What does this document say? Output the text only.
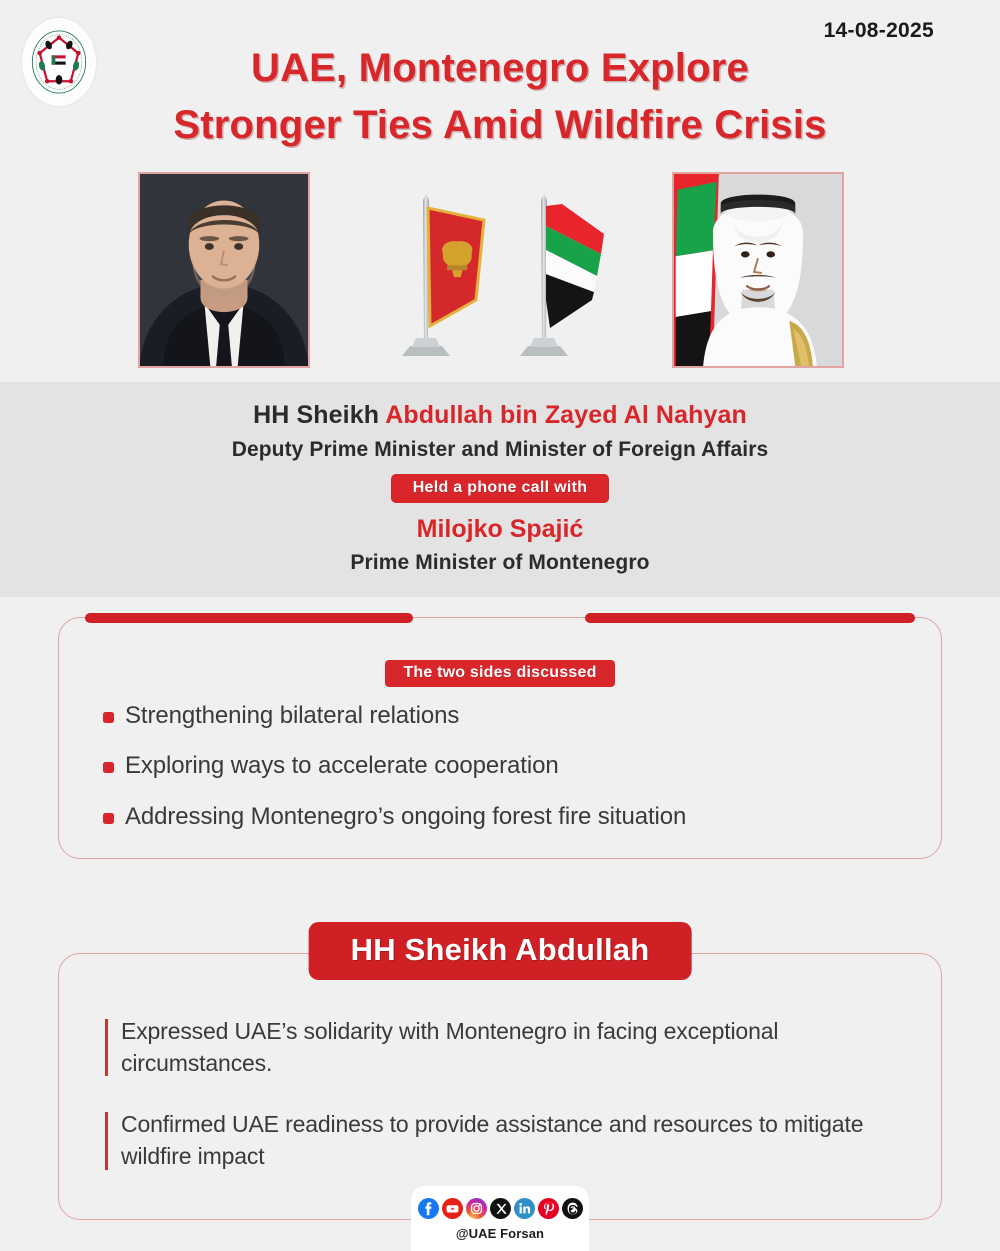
14-08-2025
UAE, Montenegro Explore
Stronger Ties Amid Wildfire Crisis
HH Sheikh Abdullah bin Zayed Al Nahyan
Deputy Prime Minister and Minister of Foreign Affairs
Held a phone call with
Milojko Spajić
Prime Minister of Montenegro
The two sides discussed
Strengthening bilateral relations
Exploring ways to accelerate cooperation
Addressing Montenegro’s ongoing forest fire situation
HH Sheikh Abdullah
Expressed UAE’s solidarity with Montenegro in facing exceptional circumstances.
Confirmed UAE readiness to provide assistance and resources to mitigate wildfire impact
@UAE Forsan
